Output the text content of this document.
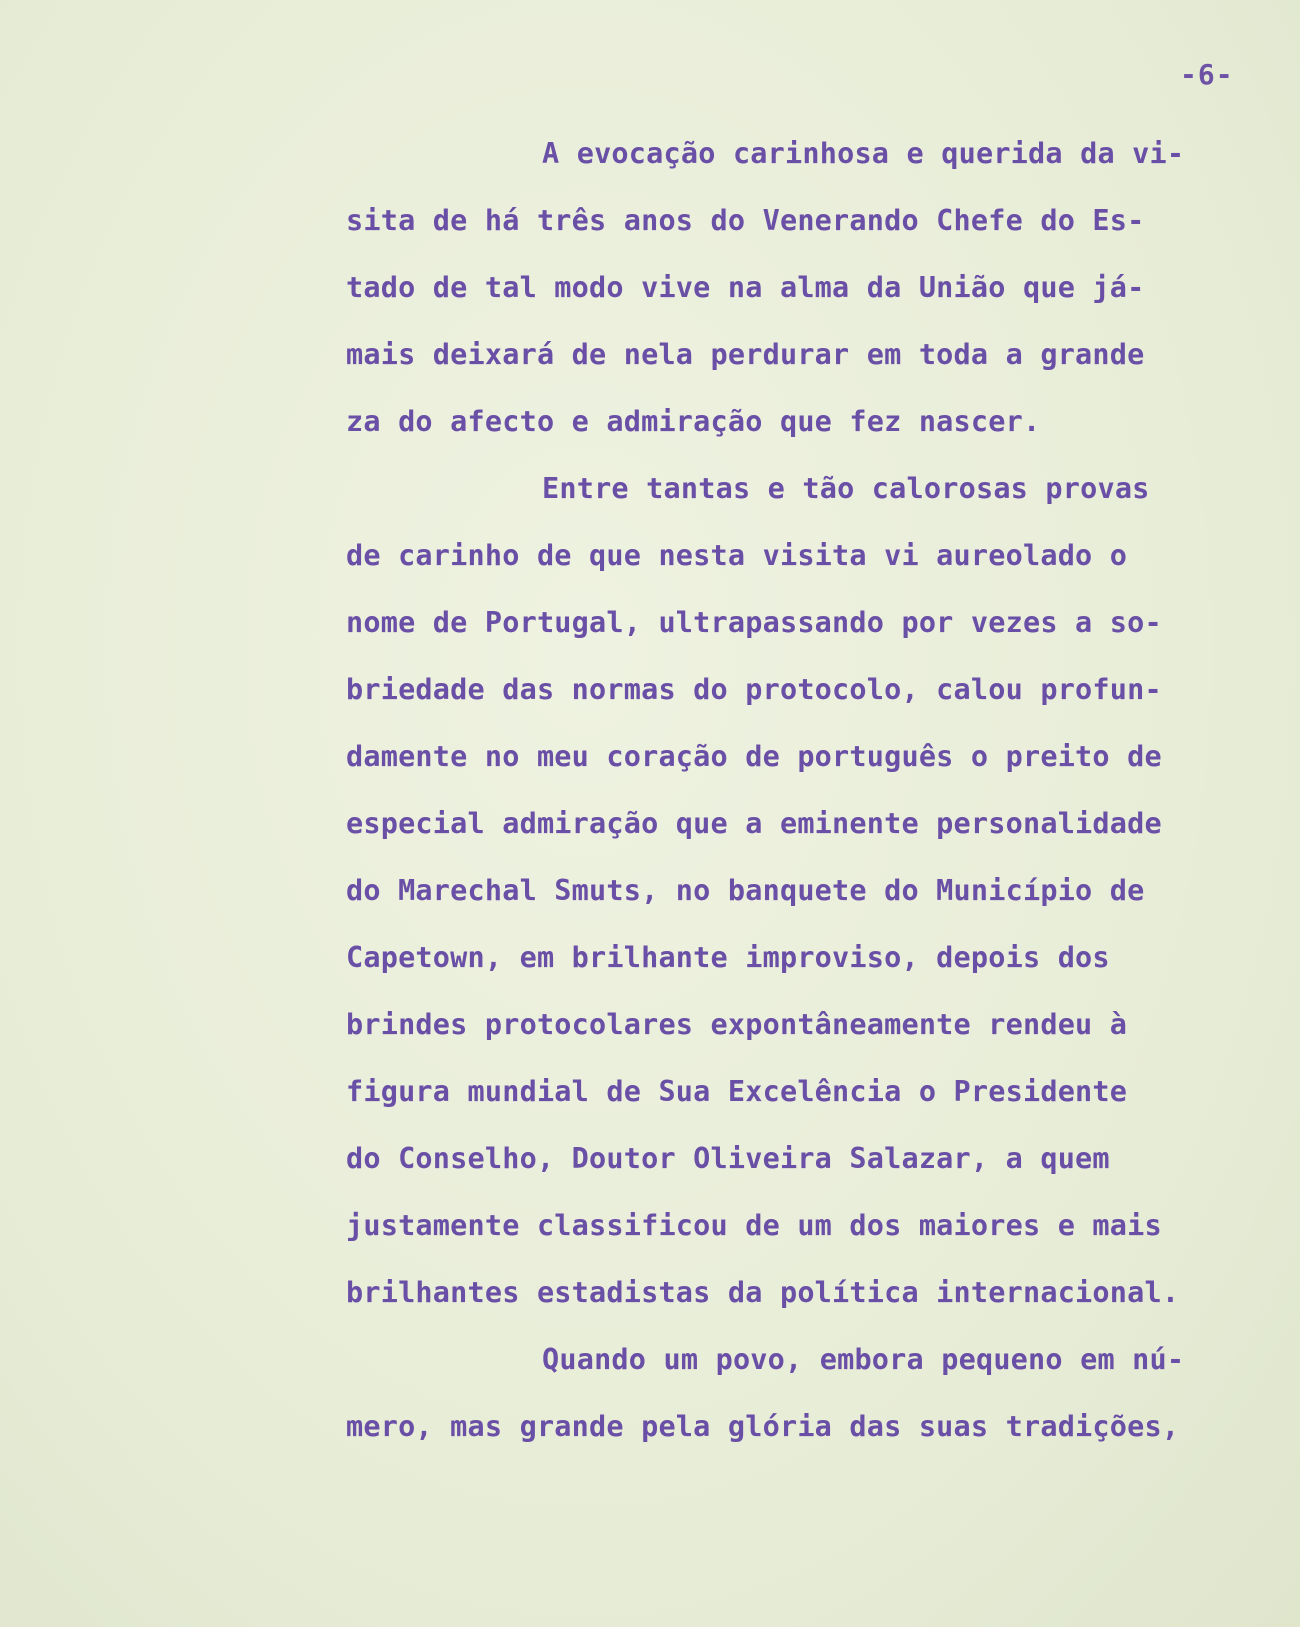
-6-
A evocação carinhosa e querida da vi-
sita de há três anos do Venerando Chefe do Es-
tado de tal modo vive na alma da União que já-
mais deixará de nela perdurar em toda a grande
za do afecto e admiração que fez nascer.
Entre tantas e tão calorosas provas
de carinho de que nesta visita vi aureolado o
nome de Portugal, ultrapassando por vezes a so-
briedade das normas do protocolo, calou profun-
damente no meu coração de português o preito de
especial admiração que a eminente personalidade
do Marechal Smuts, no banquete do Município de
Capetown, em brilhante improviso, depois dos
brindes protocolares expontâneamente rendeu à
figura mundial de Sua Excelência o Presidente
do Conselho, Doutor Oliveira Salazar, a quem
justamente classificou de um dos maiores e mais
brilhantes estadistas da política internacional.
Quando um povo, embora pequeno em nú-
mero, mas grande pela glória das suas tradições,
